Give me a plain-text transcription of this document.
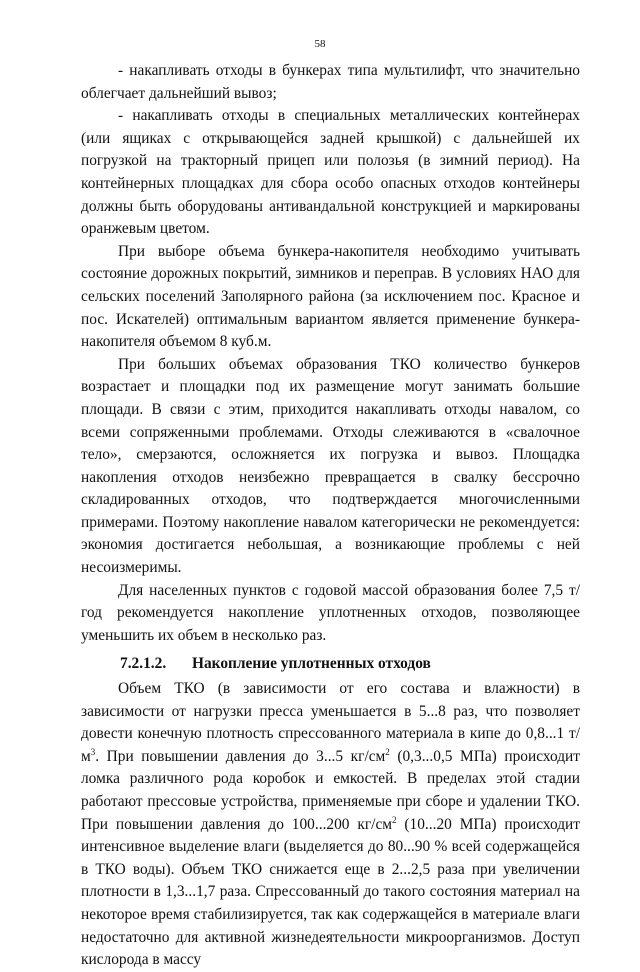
58

- накапливать отходы в бункерах типа мультилифт, что значительно облегчает дальнейший вывоз;

- накапливать отходы в специальных металлических контейнерах (или ящиках с открывающейся задней крышкой) с дальнейшей их погрузкой на тракторный прицеп или полозья (в зимний период). На контейнерных площадках для сбора особо опасных отходов контейнеры должны быть оборудованы антивандальной конструкцией и маркированы оранжевым цветом.

При выборе объема бункера-накопителя необходимо учитывать состояние дорожных покрытий, зимников и переправ. В условиях НАО для сельских поселений Заполярного района (за исключением пос. Красное и пос. Искателей) оптимальным вариантом является применение бункера-накопителя объемом 8 куб.м.

При больших объемах образования ТКО количество бункеров возрастает и площадки под их размещение могут занимать большие площади. В связи с этим, приходится накапливать отходы навалом, со всеми сопряженными проблемами. Отходы слеживаются в «свалочное тело», смерзаются, осложняется их погрузка и вывоз. Площадка накопления отходов неизбежно превращается в свалку бессрочно складированных отходов, что подтверждается многочисленными примерами. Поэтому накопление навалом категорически не рекомендуется: экономия достигается небольшая, а возникающие проблемы с ней несоизмеримы.

Для населенных пунктов с годовой массой образования более 7,5 т/год рекомендуется накопление уплотненных отходов, позволяющее уменьшить их объем в несколько раз.

7.2.1.2. Накопление уплотненных отходов

Объем ТКО (в зависимости от его состава и влажности) в зависимости от нагрузки пресса уменьшается в 5...8 раз, что позволяет довести конечную плотность спрессованного материала в кипе до 0,8...1 $т/м^3$. При повышении давления до 3...5 $кг/см^2$ (0,3...0,5 МПа) происходит ломка различного рода коробок и емкостей. В пределах этой стадии работают прессовые устройства, применяемые при сборе и удалении ТКО. При повышении давления до 100...200 $кг/см^2$ (10...20 МПа) происходит интенсивное выделение влаги (выделяется до 80...90 % всей содержащейся в ТКО воды). Объем ТКО снижается еще в 2...2,5 раза при увеличении плотности в 1,3...1,7 раза. Спрессованный до такого состояния материал на некоторое время стабилизируется, так как содержащейся в материале влаги недостаточно для активной жизнедеятельности микроорганизмов. Доступ кислорода в массу
